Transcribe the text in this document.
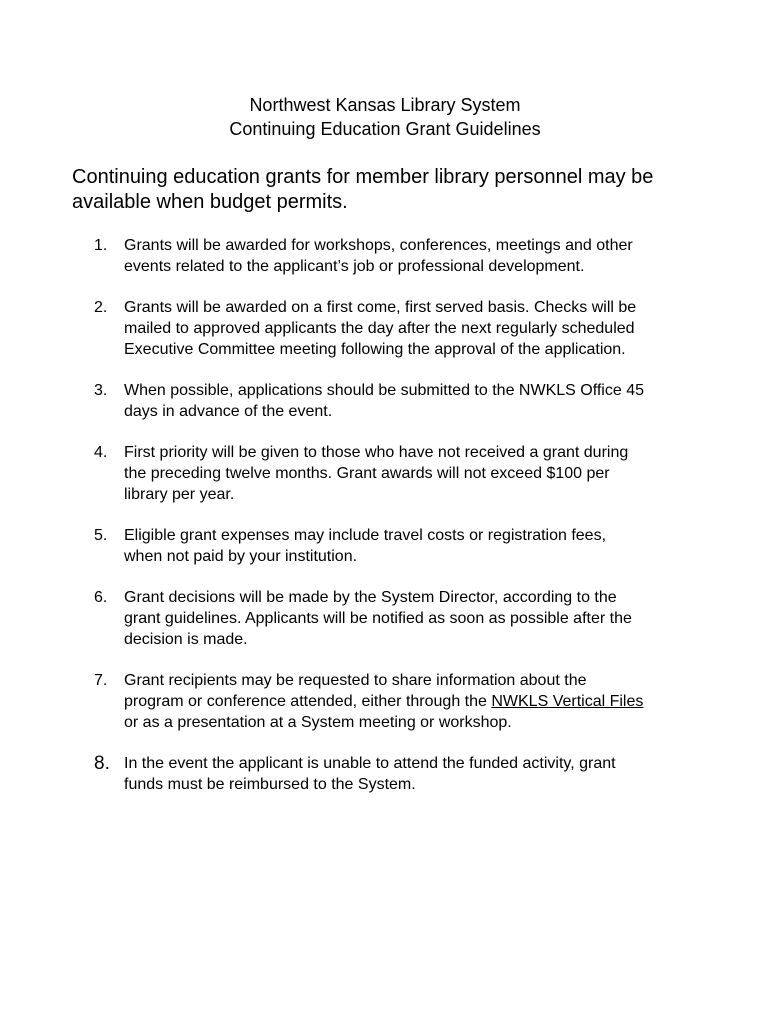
Northwest Kansas Library System
Continuing Education Grant Guidelines
Continuing education grants for member library personnel may be available when budget permits.
1.	Grants will be awarded for workshops, conferences, meetings and other
events related to the applicant’s job or professional development.
2.	Grants will be awarded on a first come, first served basis. Checks will be
mailed to approved applicants the day after the next regularly scheduled
Executive Committee meeting following the approval of the application.
3.	When possible, applications should be submitted to the NWKLS Office 45
days in advance of the event.
4.	First priority will be given to those who have not received a grant during
the preceding twelve months. Grant awards will not exceed $100 per
library per year.
5.	Eligible grant expenses may include travel costs or registration fees,
when not paid by your institution.
6.	Grant decisions will be made by the System Director, according to the
grant guidelines. Applicants will be notified as soon as possible after the
decision is made.
7.	Grant recipients may be requested to share information about the
program or conference attended, either through the NWKLS Vertical Files
or as a presentation at a System meeting or workshop.
8. In the event the applicant is unable to attend the funded activity, grant
funds must be reimbursed to the System.
